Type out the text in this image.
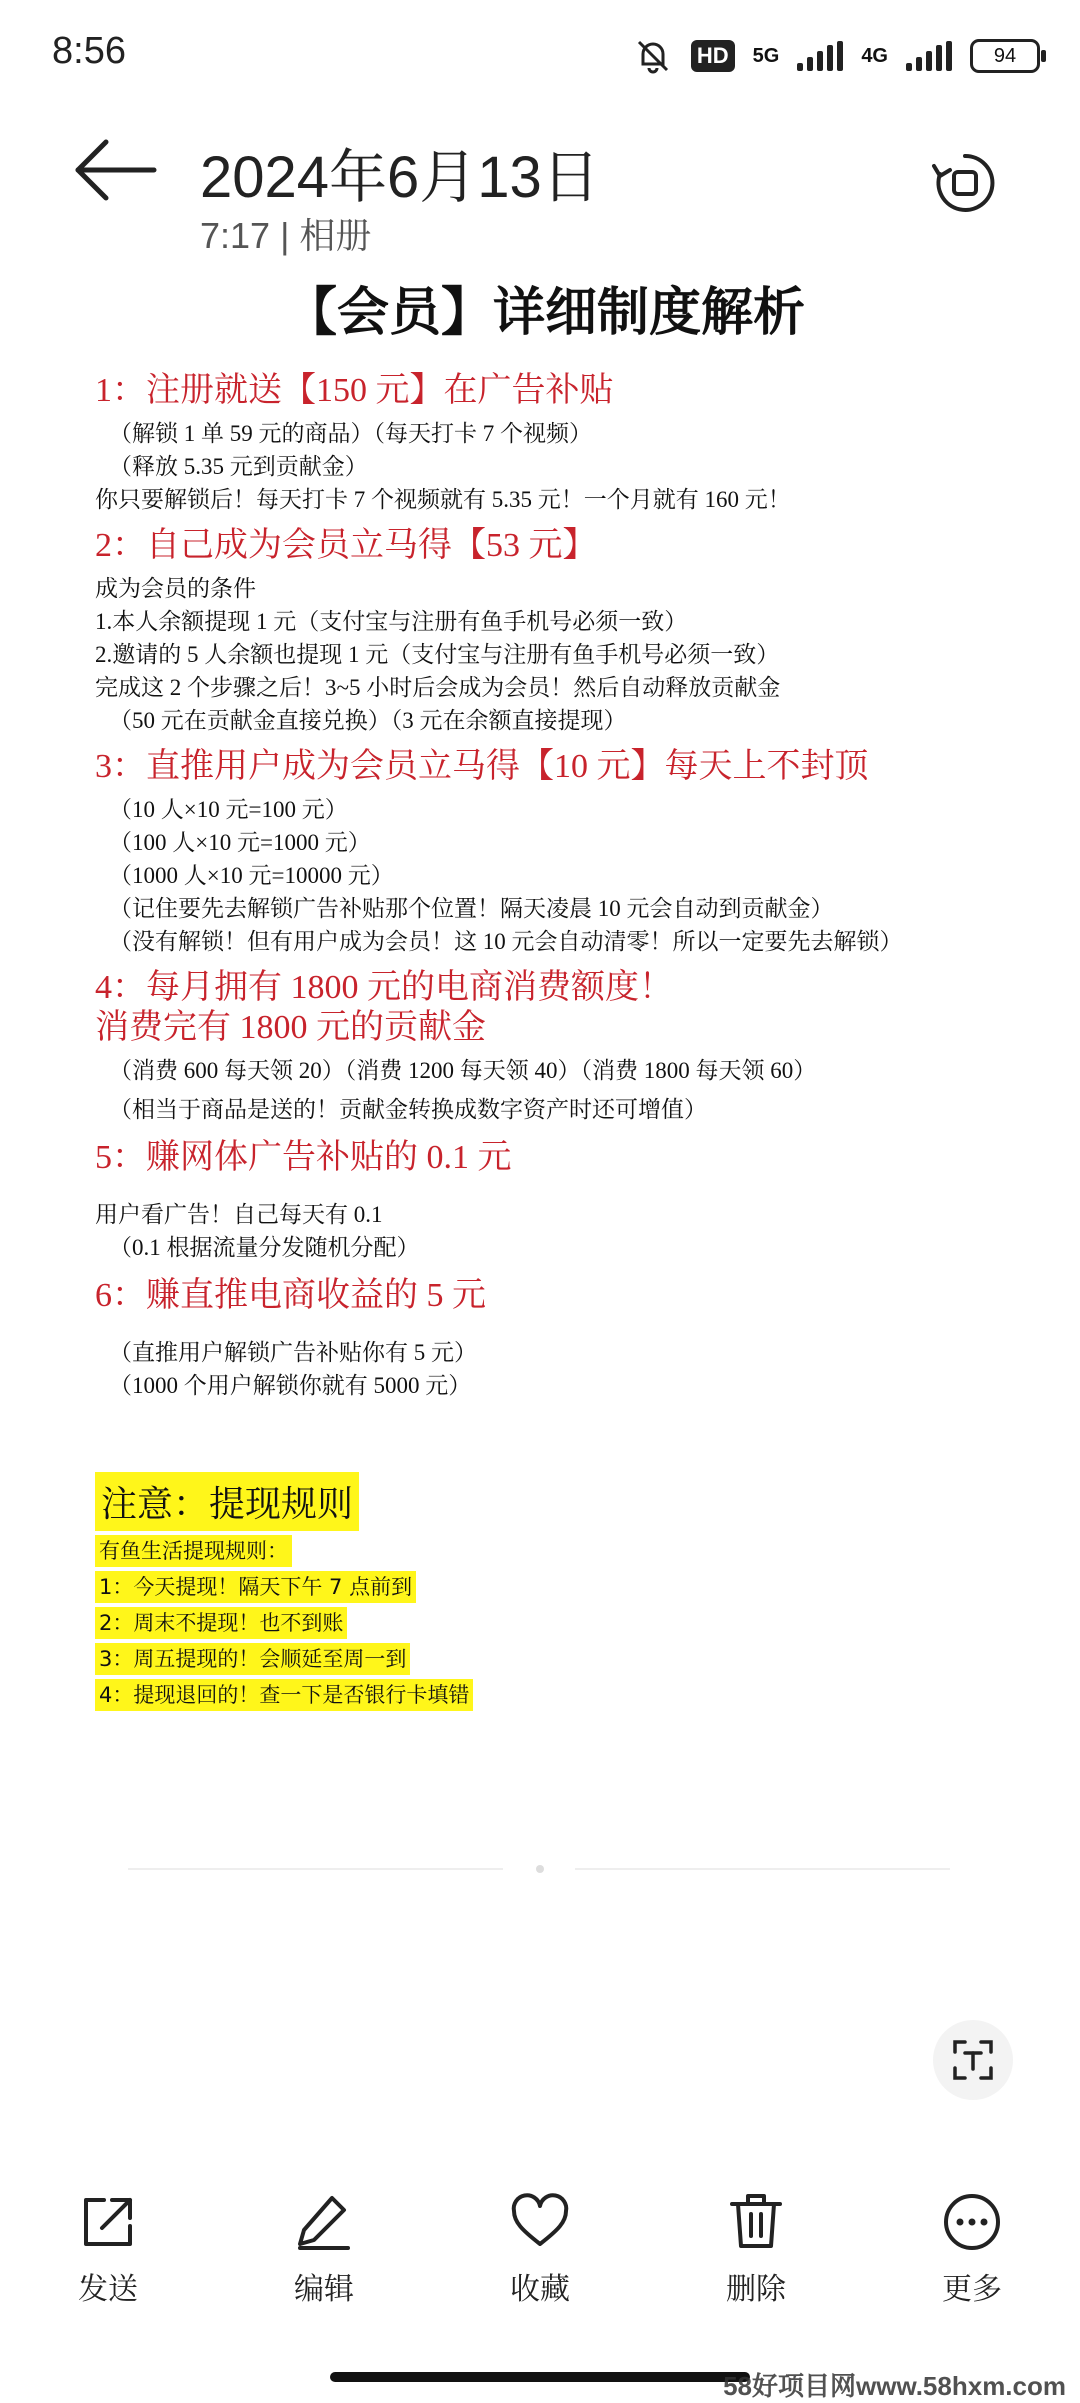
8:56	HD	5G	4G	94
2024年6月13日
7:17 | 相册
【会员】详细制度解析
1：注册就送【150 元】在广告补贴
（解锁 1 单 59 元的商品）（每天打卡 7 个视频）
（释放 5.35 元到贡献金）
你只要解锁后！每天打卡 7 个视频就有 5.35 元！一个月就有 160 元！
2：自己成为会员立马得【53 元】
成为会员的条件
1.本人余额提现 1 元（支付宝与注册有鱼手机号必须一致）
2.邀请的 5 人余额也提现 1 元（支付宝与注册有鱼手机号必须一致）
完成这 2 个步骤之后！3~5 小时后会成为会员！然后自动释放贡献金
（50 元在贡献金直接兑换）（3 元在余额直接提现）
3：直推用户成为会员立马得【10 元】每天上不封顶
（10 人×10 元=100 元）
（100 人×10 元=1000 元）
（1000 人×10 元=10000 元）
（记住要先去解锁广告补贴那个位置！隔天凌晨 10 元会自动到贡献金）
（没有解锁！但有用户成为会员！这 10 元会自动清零！所以一定要先去解锁）
4：每月拥有 1800 元的电商消费额度！
消费完有 1800 元的贡献金
（消费 600 每天领 20）（消费 1200 每天领 40）（消费 1800 每天领 60）
（相当于商品是送的！贡献金转换成数字资产时还可增值）
5：赚网体广告补贴的 0.1 元
用户看广告！自己每天有 0.1
（0.1 根据流量分发随机分配）
6：赚直推电商收益的 5 元
（直推用户解锁广告补贴你有 5 元）
（1000 个用户解锁你就有 5000 元）
注意：提现规则
有鱼生活提现规则：
1：今天提现！隔天下午 7 点前到
2：周末不提现！也不到账
3：周五提现的！会顺延至周一到
4：提现退回的！查一下是否银行卡填错
发送	编辑	收藏	删除	更多
58好项目网www.58hxm.com
